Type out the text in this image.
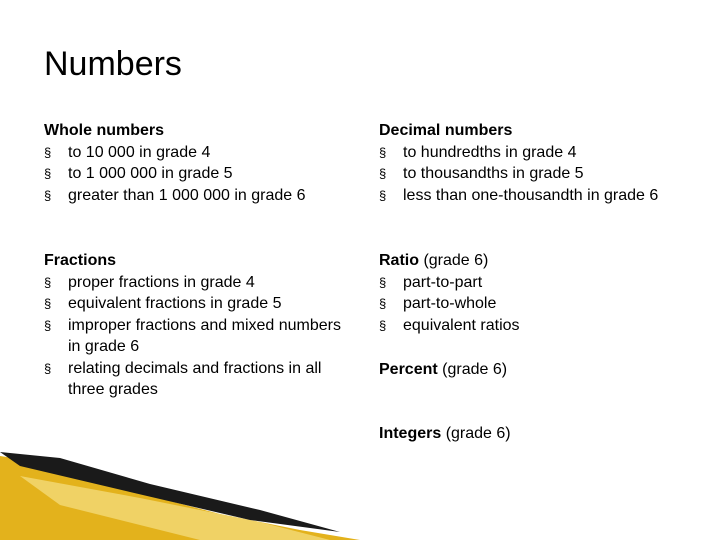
Numbers
Whole numbers
§	to 10 000 in grade 4
§	to 1 000 000 in grade 5
§	greater than 1 000 000 in grade 6
Fractions
§	proper fractions in grade 4
§	equivalent fractions in grade 5
§	improper fractions and mixed numbers in grade 6
§	relating decimals and fractions in all three grades
Decimal numbers
§	to hundredths in grade 4
§	to thousandths in grade 5
§	less than one-thousandth in grade 6
Ratio (grade 6)
§	part-to-part
§	part-to-whole
§	equivalent ratios
Percent (grade 6)
Integers (grade 6)
